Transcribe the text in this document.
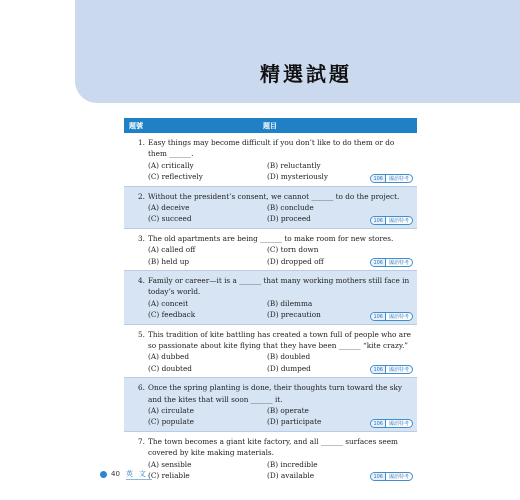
精選試題
題號	題目
1. Easy things may become difficult if you don’t like to do them or do them ______.
(A) critically	(B) reluctantly
(C) reflectively	(D) mysteriously	106	國語特考
2. Without the president’s consent, we cannot ______ to do the project.
(A) deceive	(B) conclude
(C) succeed	(D) proceed	106	國語特考
3. The old apartments are being ______ to make room for new stores.
(A) called off	(C) torn down
(B) held up	(D) dropped off	106	國語特考
4. Family or career—it is a ______ that many working mothers still face in today’s world.
(A) conceit	(B) dilemma
(C) feedback	(D) precaution	106	國語特考
5. This tradition of kite battling has created a town full of people who are so passionate about kite flying that they have been ______ “kite crazy.”
(A) dubbed	(B) doubled
(C) doubted	(D) dumped	106	國語特考
6. Once the spring planting is done, their thoughts turn toward the sky and the kites that will soon ______ it.
(A) circulate	(B) operate
(C) populate	(D) participate	106	國語特考
7. The town becomes a giant kite factory, and all ______ surfaces seem covered by kite making materials.
(A) sensible	(B) incredible
(C) reliable	(D) available	106	國語特考
40 英文
